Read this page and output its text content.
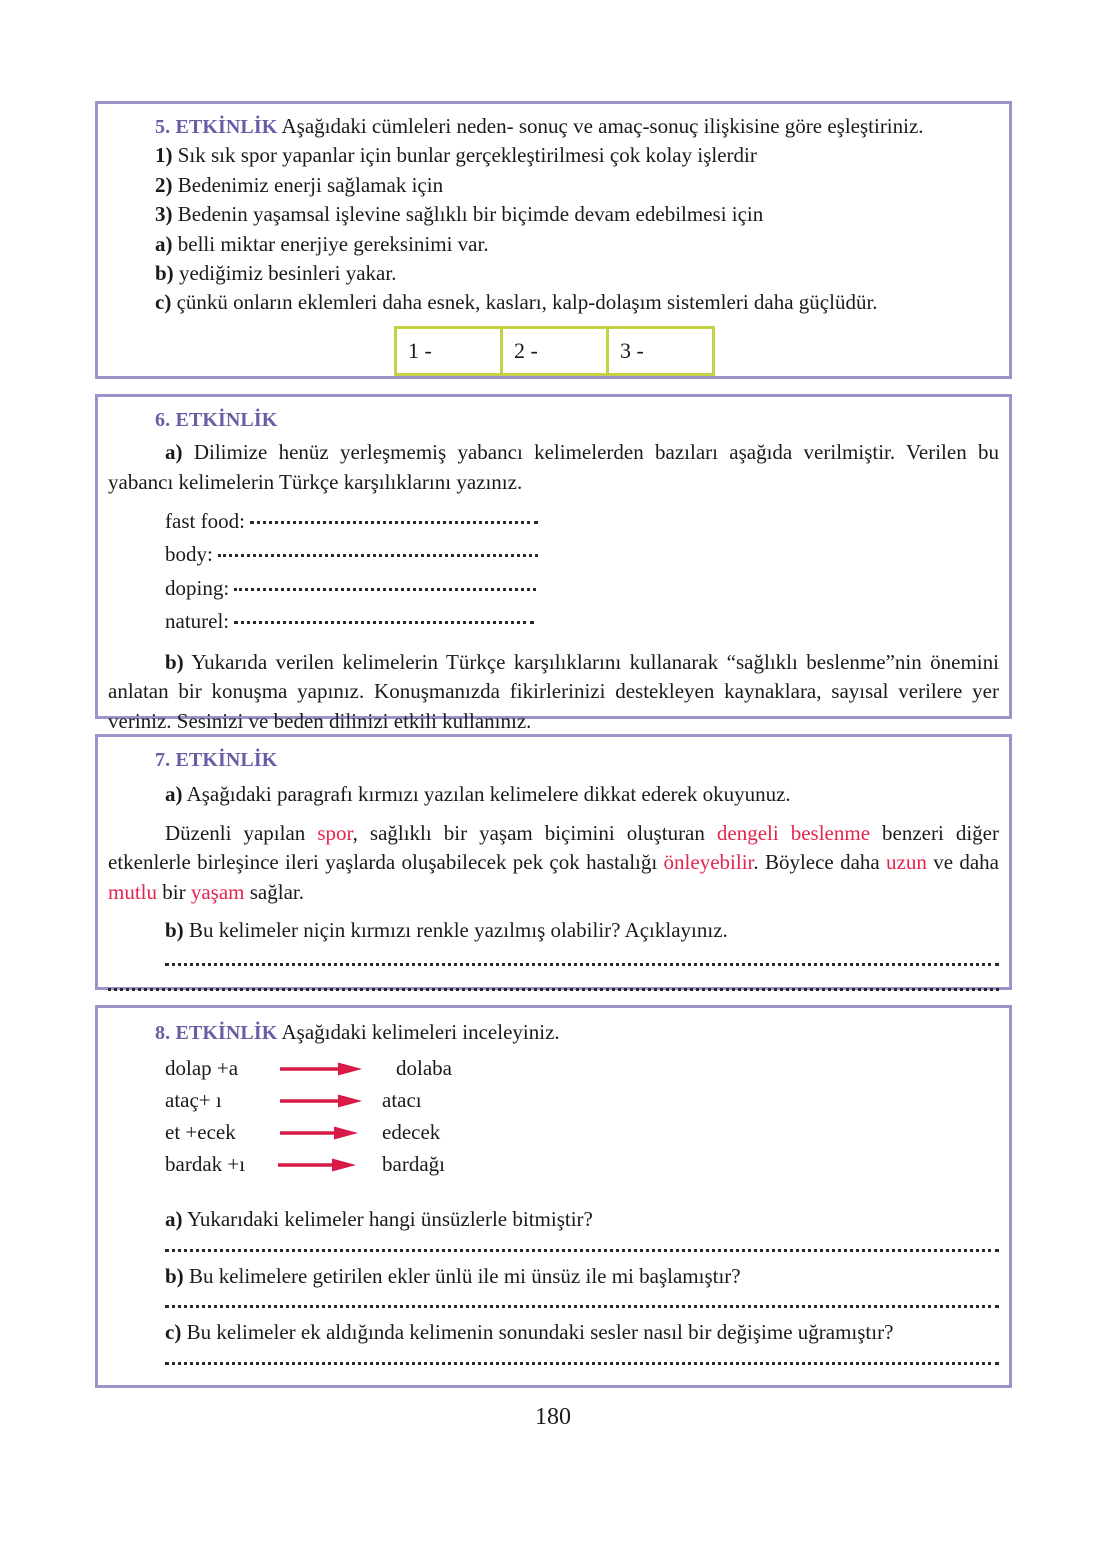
5. ETKİNLİK Aşağıdaki cümleleri neden- sonuç ve amaç-sonuç ilişkisine göre eşleştiriniz.
1) Sık sık spor yapanlar için bunlar gerçekleştirilmesi çok kolay işlerdir
2) Bedenimiz enerji sağlamak için
3) Bedenin yaşamsal işlevine sağlıklı bir biçimde devam edebilmesi için
a) belli miktar enerjiye gereksinimi var.
b) yediğimiz besinleri yakar.
c) çünkü onların eklemleri daha esnek, kasları, kalp-dolaşım sistemleri daha güçlüdür.
1 -	2 -	3 -
6. ETKİNLİK

a) Dilimize henüz yerleşmemiş yabancı kelimelerden bazıları aşağıda verilmiştir. Verilen bu yabancı kelimelerin Türkçe karşılıklarını yazınız.

fast food:
body:
doping:
naturel:

b) Yukarıda verilen kelimelerin Türkçe karşılıklarını kullanarak “sağlıklı beslenme”nin önemini anlatan bir konuşma yapınız. Konuşmanızda fikirlerinizi destekleyen kaynaklara, sayısal verilere yer veriniz. Sesinizi ve beden dilinizi etkili kullanınız.

7. ETKİNLİK

a) Aşağıdaki paragrafı kırmızı yazılan kelimelere dikkat ederek okuyunuz.

Düzenli yapılan spor, sağlıklı bir yaşam biçimini oluşturan dengeli beslenme benzeri diğer etkenlerle birleşince ileri yaşlarda oluşabilecek pek çok hastalığı önleyebilir. Böylece daha uzun ve daha mutlu bir yaşam sağlar.

b) Bu kelimeler niçin kırmızı renkle yazılmış olabilir? Açıklayınız.

8. ETKİNLİK Aşağıdaki kelimeleri inceleyiniz.
dolap +a	dolaba
ataç+ ı	atacı
et +ecek	edecek
bardak +ı	bardağı

a) Yukarıdaki kelimeler hangi ünsüzlerle bitmiştir?

b) Bu kelimelere getirilen ekler ünlü ile mi ünsüz ile mi başlamıştır?

c) Bu kelimeler ek aldığında kelimenin sonundaki sesler nasıl bir değişime uğramıştır?

180
